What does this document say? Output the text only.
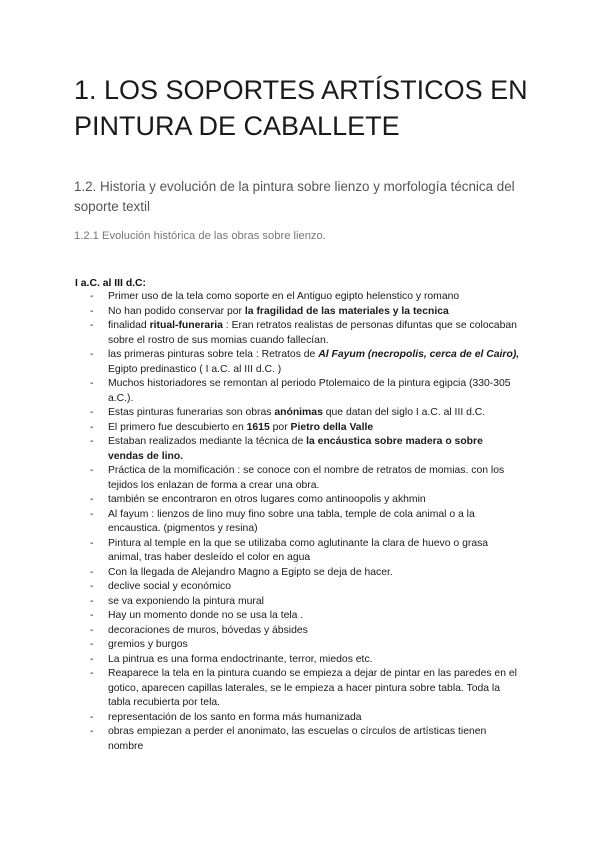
1. LOS SOPORTES ARTÍSTICOS EN PINTURA DE CABALLETE
1.2. Historia y evolución de la pintura sobre lienzo y morfología técnica del soporte textil
1.2.1 Evolución histórica de las obras sobre lienzo.
I a.C. al III d.C:
- Primer uso de la tela como soporte en el Antiguo egipto helenstico y romano
- No han podido conservar por la fragilidad de las materiales y la tecnica
- finalidad ritual-funeraria : Eran retratos realistas de personas difuntas que se colocaban sobre el rostro de sus momias cuando fallecían.
- las primeras pinturas sobre tela : Retratos de Al Fayum (necropolis, cerca de el Cairo), Egipto predinastico ( I a.C. al III d.C. )
- Muchos historiadores se remontan al periodo Ptolemaico de la pintura egipcia (330-305 a.C.).
- Estas pinturas funerarias son obras anónimas que datan del siglo I a.C. al III d.C.
- El primero fue descubierto en 1615 por Pietro della Valle
- Estaban realizados mediante la técnica de la encáustica sobre madera o sobre vendas de lino.
- Práctica de la momificación : se conoce con el nombre de retratos de momias. con los tejidos los enlazan de forma a crear una obra.
- también se encontraron en otros lugares como antinoopolis y akhmin
- Al fayum : lienzos de lino muy fino sobre una tabla, temple de cola animal o a la encaustica. (pigmentos y resina)
- Pintura al temple en la que se utilizaba como aglutinante la clara de huevo o grasa animal, tras haber desleído el color en agua
- Con la llegada de Alejandro Magno a Egipto se deja de hacer.
- declive social y económico
- se va exponiendo la pintura mural
- Hay un momento donde no se usa la tela .
- decoraciones de muros, bóvedas y ábsides
- gremios y burgos
- La pintrua es una forma endoctrinante, terror, miedos etc.
- Reaparece la tela en la pintura cuando se empieza a dejar de pintar en las paredes en el gotico, aparecen capillas laterales, se le empieza a hacer pintura sobre tabla. Toda la tabla recubierta por tela.
- representación de los santo en forma más humanizada
- obras empiezan a perder el anonimato, las escuelas o círculos de artísticas tienen nombre
